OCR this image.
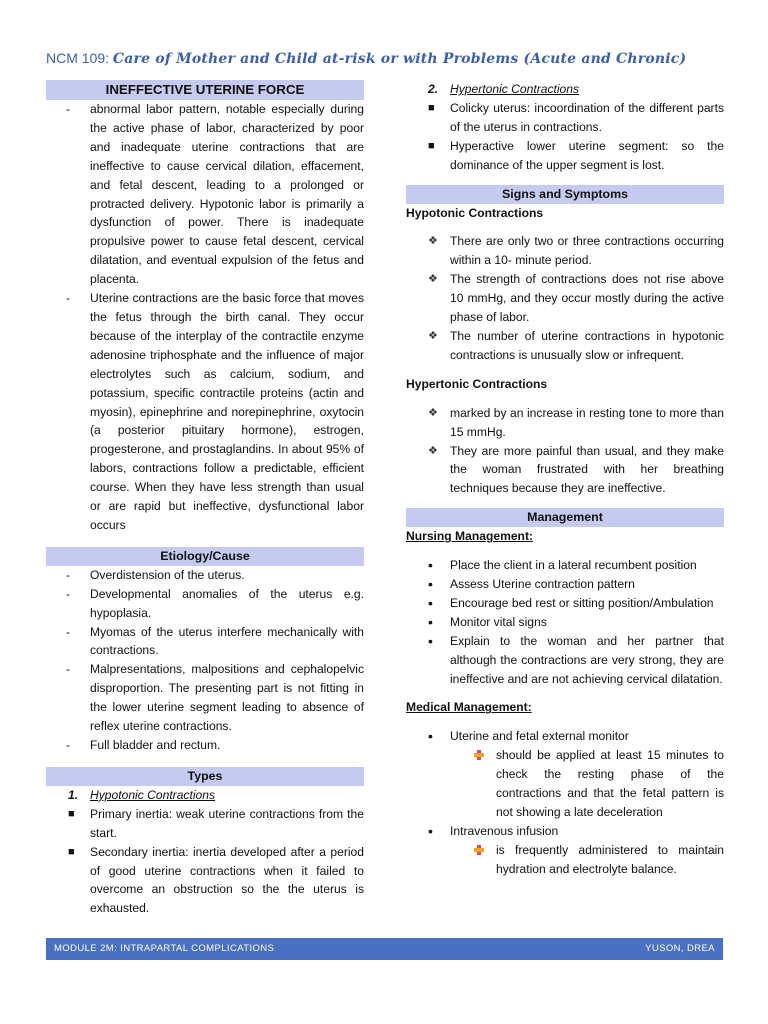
NCM 109: Care of Mother and Child at-risk or with Problems (Acute and Chronic)
INEFFECTIVE UTERINE FORCE
- abnormal labor pattern, notable especially during the active phase of labor, characterized by poor and inadequate uterine contractions that are ineffective to cause cervical dilation, effacement, and fetal descent, leading to a prolonged or protracted delivery. Hypotonic labor is primarily a dysfunction of power. There is inadequate propulsive power to cause fetal descent, cervical dilatation, and eventual expulsion of the fetus and placenta.
- Uterine contractions are the basic force that moves the fetus through the birth canal. They occur because of the interplay of the contractile enzyme adenosine triphosphate and the influence of major electrolytes such as calcium, sodium, and potassium, specific contractile proteins (actin and myosin), epinephrine and norepinephrine, oxytocin (a posterior pituitary hormone), estrogen, progesterone, and prostaglandins. In about 95% of labors, contractions follow a predictable, efficient course. When they have less strength than usual or are rapid but ineffective, dysfunctional labor occurs
Etiology/Cause
- Overdistension of the uterus.
- Developmental anomalies of the uterus e.g. hypoplasia.
- Myomas of the uterus interfere mechanically with contractions.
- Malpresentations, malpositions and cephalopelvic disproportion. The presenting part is not fitting in the lower uterine segment leading to absence of reflex uterine contractions.
- Full bladder and rectum.
Types
1. Hypotonic Contractions
■ Primary inertia: weak uterine contractions from the start.
■ Secondary inertia: inertia developed after a period of good uterine contractions when it failed to overcome an obstruction so the the uterus is exhausted.
2. Hypertonic Contractions
■ Colicky uterus: incoordination of the different parts of the uterus in contractions.
■ Hyperactive lower uterine segment: so the dominance of the upper segment is lost.
Signs and Symptoms

Hypotonic Contractions

❖ There are only two or three contractions occurring within a 10- minute period.
❖ The strength of contractions does not rise above 10 mmHg, and they occur mostly during the active phase of labor.
❖ The number of uterine contractions in hypotonic contractions is unusually slow or infrequent.

Hypertonic Contractions

❖ marked by an increase in resting tone to more than 15 mmHg.
❖ They are more painful than usual, and they make the woman frustrated with her breathing techniques because they are ineffective.
Management

Nursing Management:

• Place the client in a lateral recumbent position
• Assess Uterine contraction pattern
• Encourage bed rest or sitting position/Ambulation
• Monitor vital signs
• Explain to the woman and her partner that although the contractions are very strong, they are ineffective and are not achieving cervical dilatation.

Medical Management:

• Uterine and fetal external monitor
should be applied at least 15 minutes to check the resting phase of the contractions and that the fetal pattern is not showing a late deceleration
• Intravenous infusion
is frequently administered to maintain hydration and electrolyte balance.
MODULE 2M: INTRAPARTAL COMPLICATIONS	YUSON, DREA
